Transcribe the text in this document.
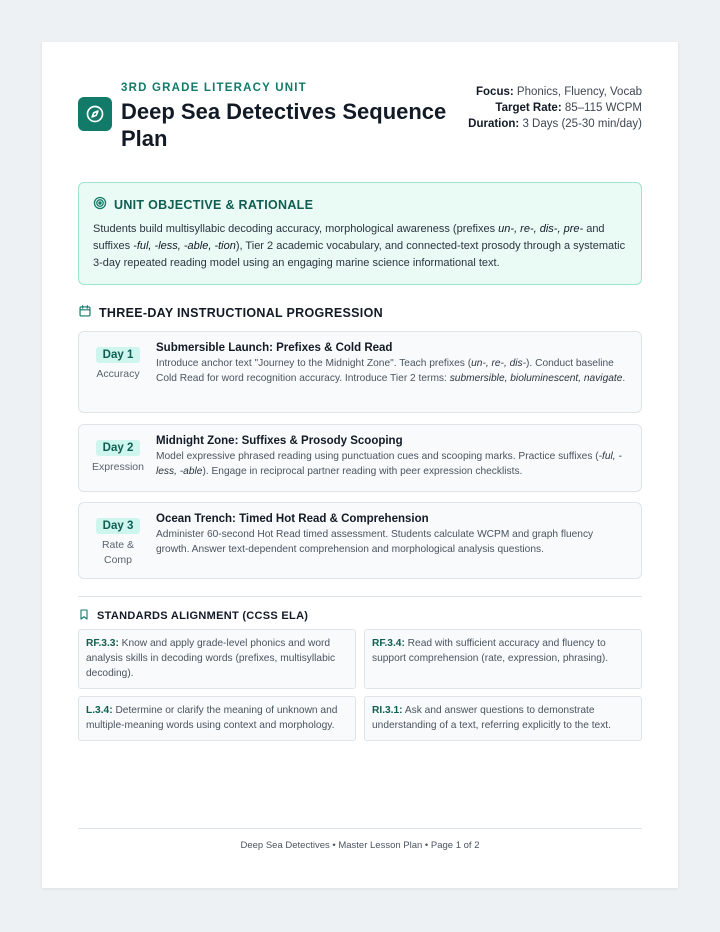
3RD GRADE LITERACY UNIT
Deep Sea Detectives Sequence Plan
Focus: Phonics, Fluency, Vocab
Target Rate: 85–115 WCPM
Duration: 3 Days (25-30 min/day)
UNIT OBJECTIVE & RATIONALE
Students build multisyllabic decoding accuracy, morphological awareness (prefixes un-, re-, dis-, pre- and suffixes -ful, -less, -able, -tion), Tier 2 academic vocabulary, and connected-text prosody through a systematic 3-day repeated reading model using an engaging marine science informational text.
THREE-DAY INSTRUCTIONAL PROGRESSION
Day 1
Accuracy
Submersible Launch: Prefixes & Cold Read
Introduce anchor text "Journey to the Midnight Zone". Teach prefixes (un-, re-, dis-). Conduct baseline Cold Read for word recognition accuracy. Introduce Tier 2 terms: submersible, bioluminescent, navigate.
Day 2
Expression
Midnight Zone: Suffixes & Prosody Scooping
Model expressive phrased reading using punctuation cues and scooping marks. Practice suffixes (-ful, -less, -able). Engage in reciprocal partner reading with peer expression checklists.
Day 3
Rate & Comp
Ocean Trench: Timed Hot Read & Comprehension
Administer 60-second Hot Read timed assessment. Students calculate WCPM and graph fluency growth. Answer text-dependent comprehension and morphological analysis questions.
STANDARDS ALIGNMENT (CCSS ELA)
RF.3.3: Know and apply grade-level phonics and word analysis skills in decoding words (prefixes, multisyllabic decoding).
RF.3.4: Read with sufficient accuracy and fluency to support comprehension (rate, expression, phrasing).
L.3.4: Determine or clarify the meaning of unknown and multiple-meaning words using context and morphology.
RI.3.1: Ask and answer questions to demonstrate understanding of a text, referring explicitly to the text.
Deep Sea Detectives • Master Lesson Plan • Page 1 of 2
